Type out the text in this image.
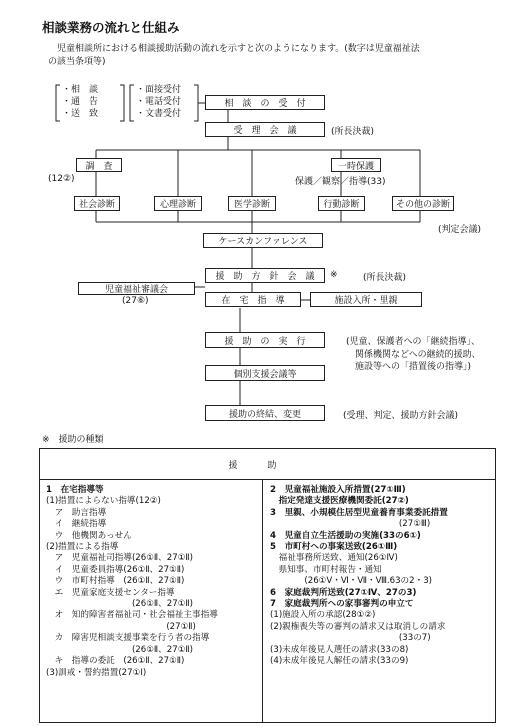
相談業務の流れと仕組み
　児童相談所における相談援助活動の流れを示すと次のようになります。(数字は児童福祉法
の該当条項等)
・相　談
・通　告
・送　致
・面接受付
・電話受付
・文書受付
相　談　の　受　付
受　理　会　議	(所長決裁)
調　査
(12②)
一時保護
保護／観察／指導(33)
社会診断	心理診断	医学診断	行動診断	その他の診断
(判定会議)
ケースカンファレンス
援　助　方　針　会　議	※	(所長決裁)
児童福祉審議会
(27⑥)	在　宅　指　導	施設入所・里親
援　助　の　実　行	(児童、保護者への「継続指導」、
関係機関などへの継続的援助、
施設等への「措置後の指導」)
個別支援会議等
援助の終結、変更	(受理、判定、援助方針会議)
※　援助の種類
援助
1　在宅指導等
(1)措置によらない指導(12②)
　ア　助言指導
　イ　継続指導
　ウ　他機関あっせん
(2)措置による指導
　ア　児童福祉司指導(26①Ⅱ、27①Ⅱ)
　イ　児童委員指導(26①Ⅱ、27①Ⅱ)
　ウ　市町村指導　(26①Ⅱ、27①Ⅱ)
　エ　児童家庭支援センター指導
　　　　　　　　　　(26①Ⅱ、27①Ⅱ)
　オ　知的障害者福祉司・社会福祉主事指導
　　　　　　　　　　　　　　(27①Ⅱ)
　カ　障害児相談支援事業を行う者の指導
　　　　　　　　　　(26①Ⅱ、27①Ⅱ)
　キ　指導の委託　(26①Ⅱ、27①Ⅱ)
(3)訓戒・誓約措置(27①Ⅰ)
2　児童福祉施設入所措置(27①Ⅲ)
　指定発達支援医療機関委託(27②)
3　里親、小規模住居型児童養育事業委託措置
　　　　　　　　　　　　　　　(27①Ⅲ)
4　児童自立生活援助の実施(33の6①)
5　市町村への事案送致(26①Ⅲ)
　福祉事務所送致、通知(26①Ⅳ)
　県知事、市町村報告・通知
　　　　(26①Ⅴ・Ⅵ・Ⅶ・Ⅷ.63の2・3)
6　家庭裁判所送致(27①Ⅳ、27の3)
7　家庭裁判所への家事審判の申立て
(1)施設入所の承認(28①②)
(2)親権喪失等の審判の請求又は取消しの請求
　　　　　　　　　　　　　　　(33の7)
(3)未成年後見人選任の請求(33の8)
(4)未成年後見人解任の請求(33の9)
